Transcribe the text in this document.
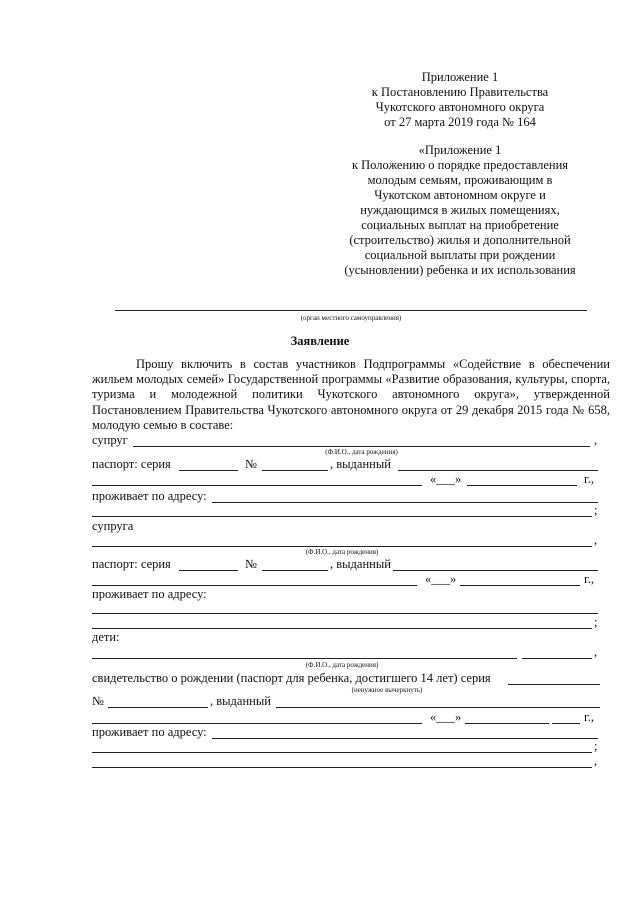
Приложение 1
к Постановлению Правительства
Чукотского автономного округа
от 27 марта 2019 года № 164
«Приложение 1
к Положению о порядке предоставления
молодым семьям, проживающим в
Чукотском автономном округе и
нуждающимся в жилых помещениях,
социальных выплат на приобретение
(строительство) жилья и дополнительной
социальной выплаты при рождении
(усыновлении) ребенка и их использования
(орган местного самоуправления)
Заявление
Прошу включить в состав участников Подпрограммы «Содействие в обеспечении жильем молодых семей» Государственной программы «Развитие образования, культуры, спорта, туризма и молодежной политики Чукотского автономного округа», утвержденной Постановлением Правительства Чукотского автономного округа от 29 декабря 2015 года № 658, молодую семью в составе:
супруг	,
(Ф.И.О., дата рождения)
паспорт: серия	№	, выданный
«___»	г.,
проживает по адресу:
;
супруга
,
(Ф.И.О., дата рождения)
паспорт: серия	№	, выданный
«___»	г.,
проживает по адресу:
;
дети:
,
(Ф.И.О., дата рождения)
свидетельство о рождении (паспорт для ребенка, достигшего 14 лет) серия
(ненужное вычеркнуть)
№	, выданный
«___»	г.,
проживает по адресу:
;
,
